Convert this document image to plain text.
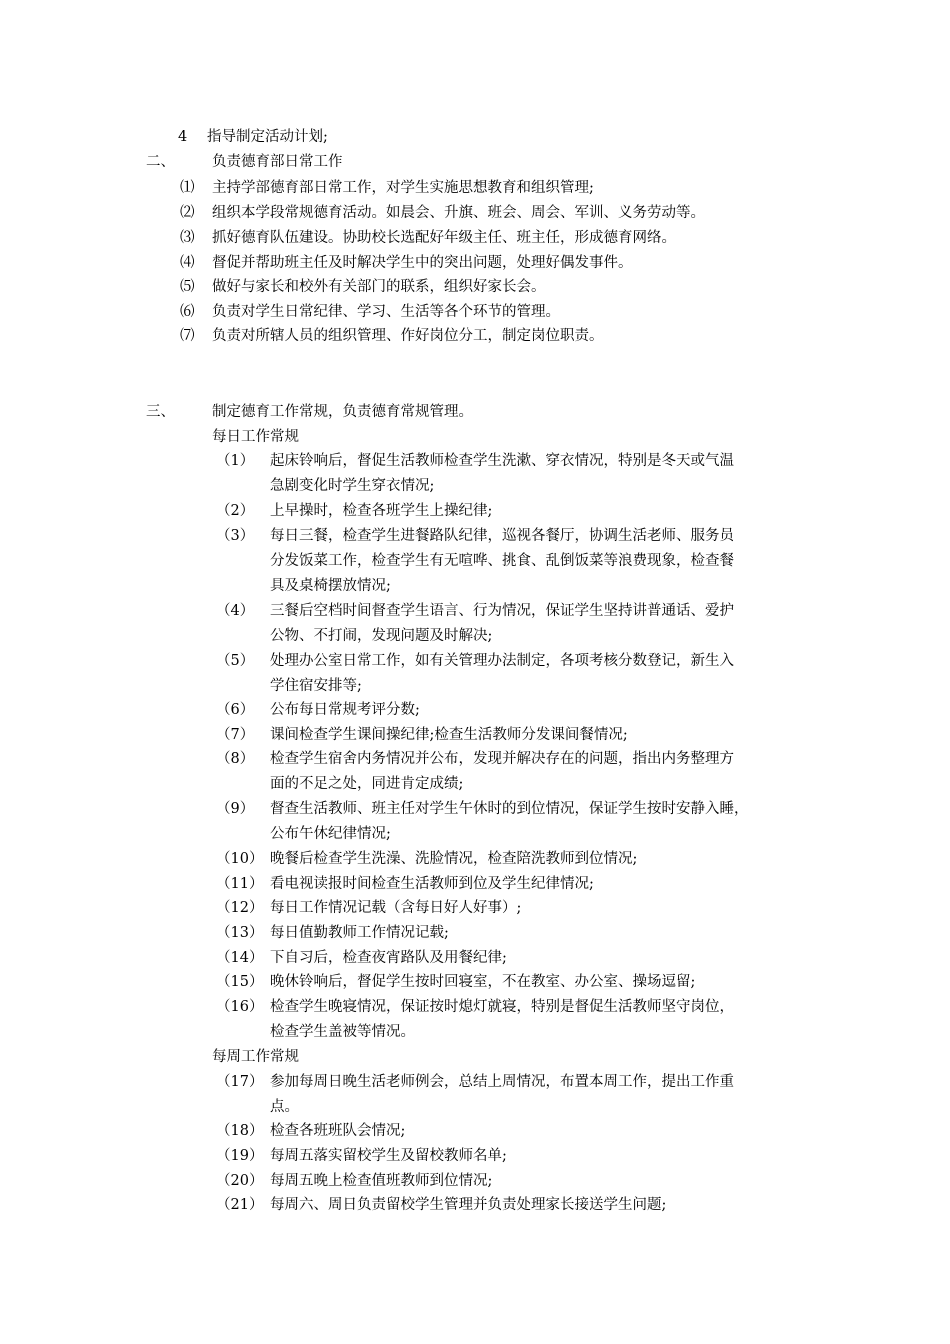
4 指导制定活动计划;
二、	负责德育部日常工作
⑴ 主持学部德育部日常工作，对学生实施思想教育和组织管理;
⑵ 组织本学段常规德育活动。如晨会、升旗、班会、周会、军训、义务劳动等。
⑶ 抓好德育队伍建设。协助校长选配好年级主任、班主任，形成德育网络。
⑷ 督促并帮助班主任及时解决学生中的突出问题，处理好偶发事件。
⑸ 做好与家长和校外有关部门的联系，组织好家长会。
⑹ 负责对学生日常纪律、学习、生活等各个环节的管理。
⑺ 负责对所辖人员的组织管理、作好岗位分工，制定岗位职责。
三、	制定德育工作常规，负责德育常规管理。
每日工作常规
（1） 起床铃响后，督促生活教师检查学生洗漱、穿衣情况，特别是冬天或气温
急剧变化时学生穿衣情况;
（2） 上早操时，检查各班学生上操纪律;
（3） 每日三餐，检查学生进餐路队纪律，巡视各餐厅，协调生活老师、服务员
分发饭菜工作，检查学生有无喧哗、挑食、乱倒饭菜等浪费现象，检查餐
具及桌椅摆放情况;
（4） 三餐后空档时间督查学生语言、行为情况，保证学生坚持讲普通话、爱护
公物、不打闹，发现问题及时解决;
（5） 处理办公室日常工作，如有关管理办法制定，各项考核分数登记，新生入
学住宿安排等;
（6） 公布每日常规考评分数;
（7） 课间检查学生课间操纪律;检查生活教师分发课间餐情况;
（8） 检查学生宿舍内务情况并公布，发现并解决存在的问题，指出内务整理方
面的不足之处，同进肯定成绩;
（9） 督查生活教师、班主任对学生午休时的到位情况，保证学生按时安静入睡，
公布午休纪律情况;
（10） 晚餐后检查学生洗澡、洗脸情况，检查陪洗教师到位情况;
（11） 看电视读报时间检查生活教师到位及学生纪律情况;
（12） 每日工作情况记载（含每日好人好事）;
（13） 每日值勤教师工作情况记载;
（14） 下自习后，检查夜宵路队及用餐纪律;
（15） 晚休铃响后，督促学生按时回寝室，不在教室、办公室、操场逗留;
（16） 检查学生晚寝情况，保证按时熄灯就寝，特别是督促生活教师坚守岗位，
检查学生盖被等情况。
每周工作常规
（17） 参加每周日晚生活老师例会，总结上周情况，布置本周工作，提出工作重
点。
（18） 检查各班班队会情况;
（19） 每周五落实留校学生及留校教师名单;
（20） 每周五晚上检查值班教师到位情况;
（21） 每周六、周日负责留校学生管理并负责处理家长接送学生问题;
